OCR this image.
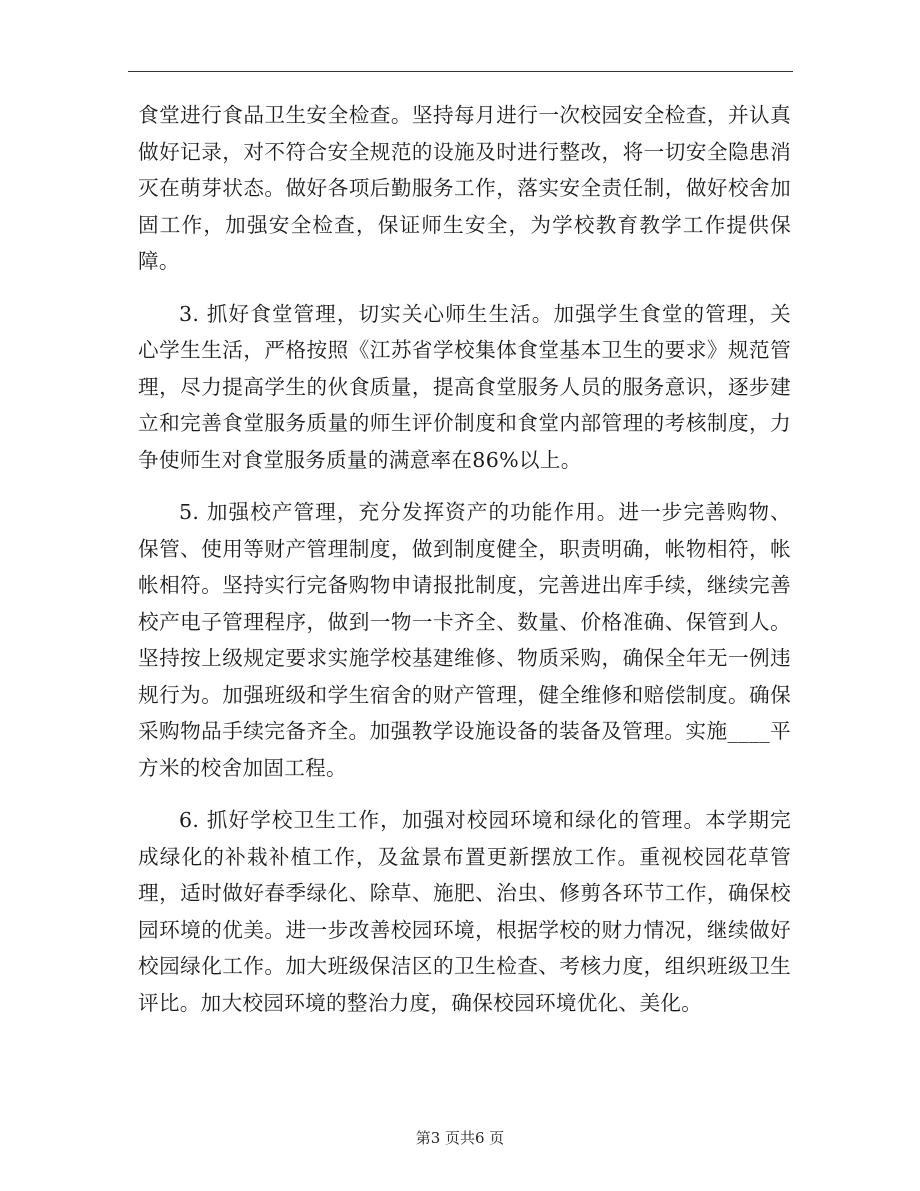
食堂进行食品卫生安全检查。坚持每月进行一次校园安全检查，并认真做好记录，对不符合安全规范的设施及时进行整改，将一切安全隐患消灭在萌芽状态。做好各项后勤服务工作，落实安全责任制，做好校舍加固工作，加强安全检查，保证师生安全，为学校教育教学工作提供保障。

3. 抓好食堂管理，切实关心师生生活。加强学生食堂的管理，关心学生生活，严格按照《江苏省学校集体食堂基本卫生的要求》规范管理，尽力提高学生的伙食质量，提高食堂服务人员的服务意识，逐步建立和完善食堂服务质量的师生评价制度和食堂内部管理的考核制度，力争使师生对食堂服务质量的满意率在86%以上。

5. 加强校产管理，充分发挥资产的功能作用。进一步完善购物、保管、使用等财产管理制度，做到制度健全，职责明确，帐物相符，帐帐相符。坚持实行完备购物申请报批制度，完善进出库手续，继续完善校产电子管理程序，做到一物一卡齐全、数量、价格准确、保管到人。坚持按上级规定要求实施学校基建维修、物质采购，确保全年无一例违规行为。加强班级和学生宿舍的财产管理，健全维修和赔偿制度。确保采购物品手续完备齐全。加强教学设施设备的装备及管理。实施____平方米的校舍加固工程。

6. 抓好学校卫生工作，加强对校园环境和绿化的管理。本学期完成绿化的补栽补植工作，及盆景布置更新摆放工作。重视校园花草管理，适时做好春季绿化、除草、施肥、治虫、修剪各环节工作，确保校园环境的优美。进一步改善校园环境，根据学校的财力情况，继续做好校园绿化工作。加大班级保洁区的卫生检查、考核力度，组织班级卫生评比。加大校园环境的整治力度，确保校园环境优化、美化。

第3 页共6 页
